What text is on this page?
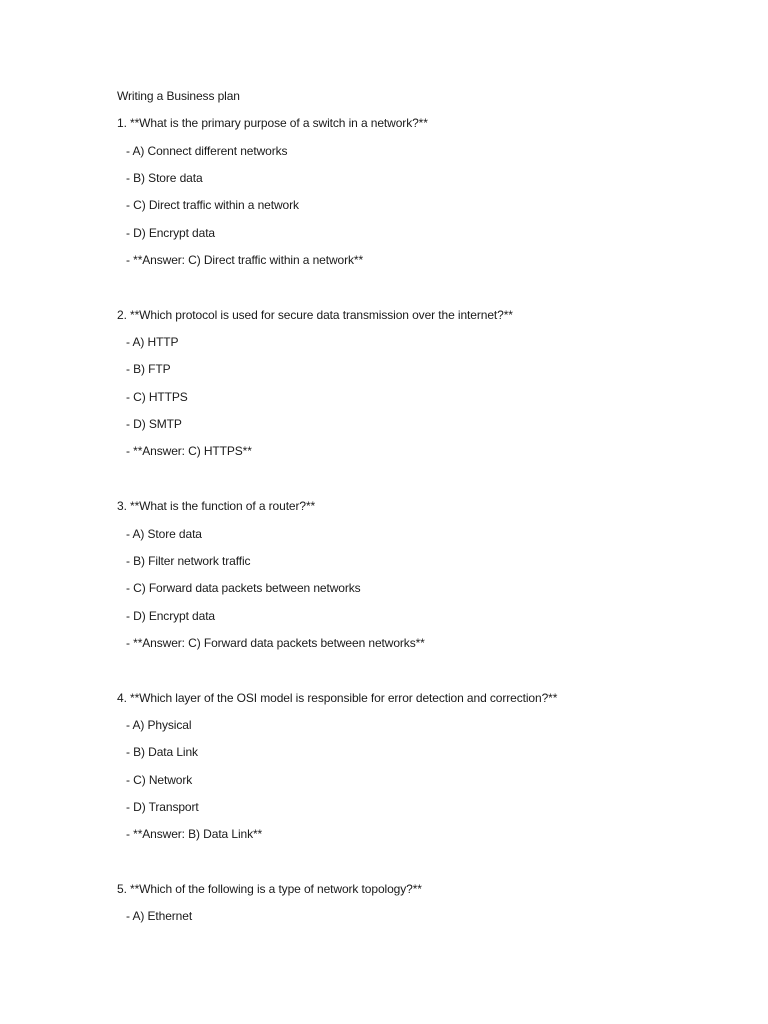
Writing a Business plan
1. **What is the primary purpose of a switch in a network?**
- A) Connect different networks
- B) Store data
- C) Direct traffic within a network
- D) Encrypt data
- **Answer: C) Direct traffic within a network**
2. **Which protocol is used for secure data transmission over the internet?**
- A) HTTP
- B) FTP
- C) HTTPS
- D) SMTP
- **Answer: C) HTTPS**
3. **What is the function of a router?**
- A) Store data
- B) Filter network traffic
- C) Forward data packets between networks
- D) Encrypt data
- **Answer: C) Forward data packets between networks**
4. **Which layer of the OSI model is responsible for error detection and correction?**
- A) Physical
- B) Data Link
- C) Network
- D) Transport
- **Answer: B) Data Link**
5. **Which of the following is a type of network topology?**
- A) Ethernet
